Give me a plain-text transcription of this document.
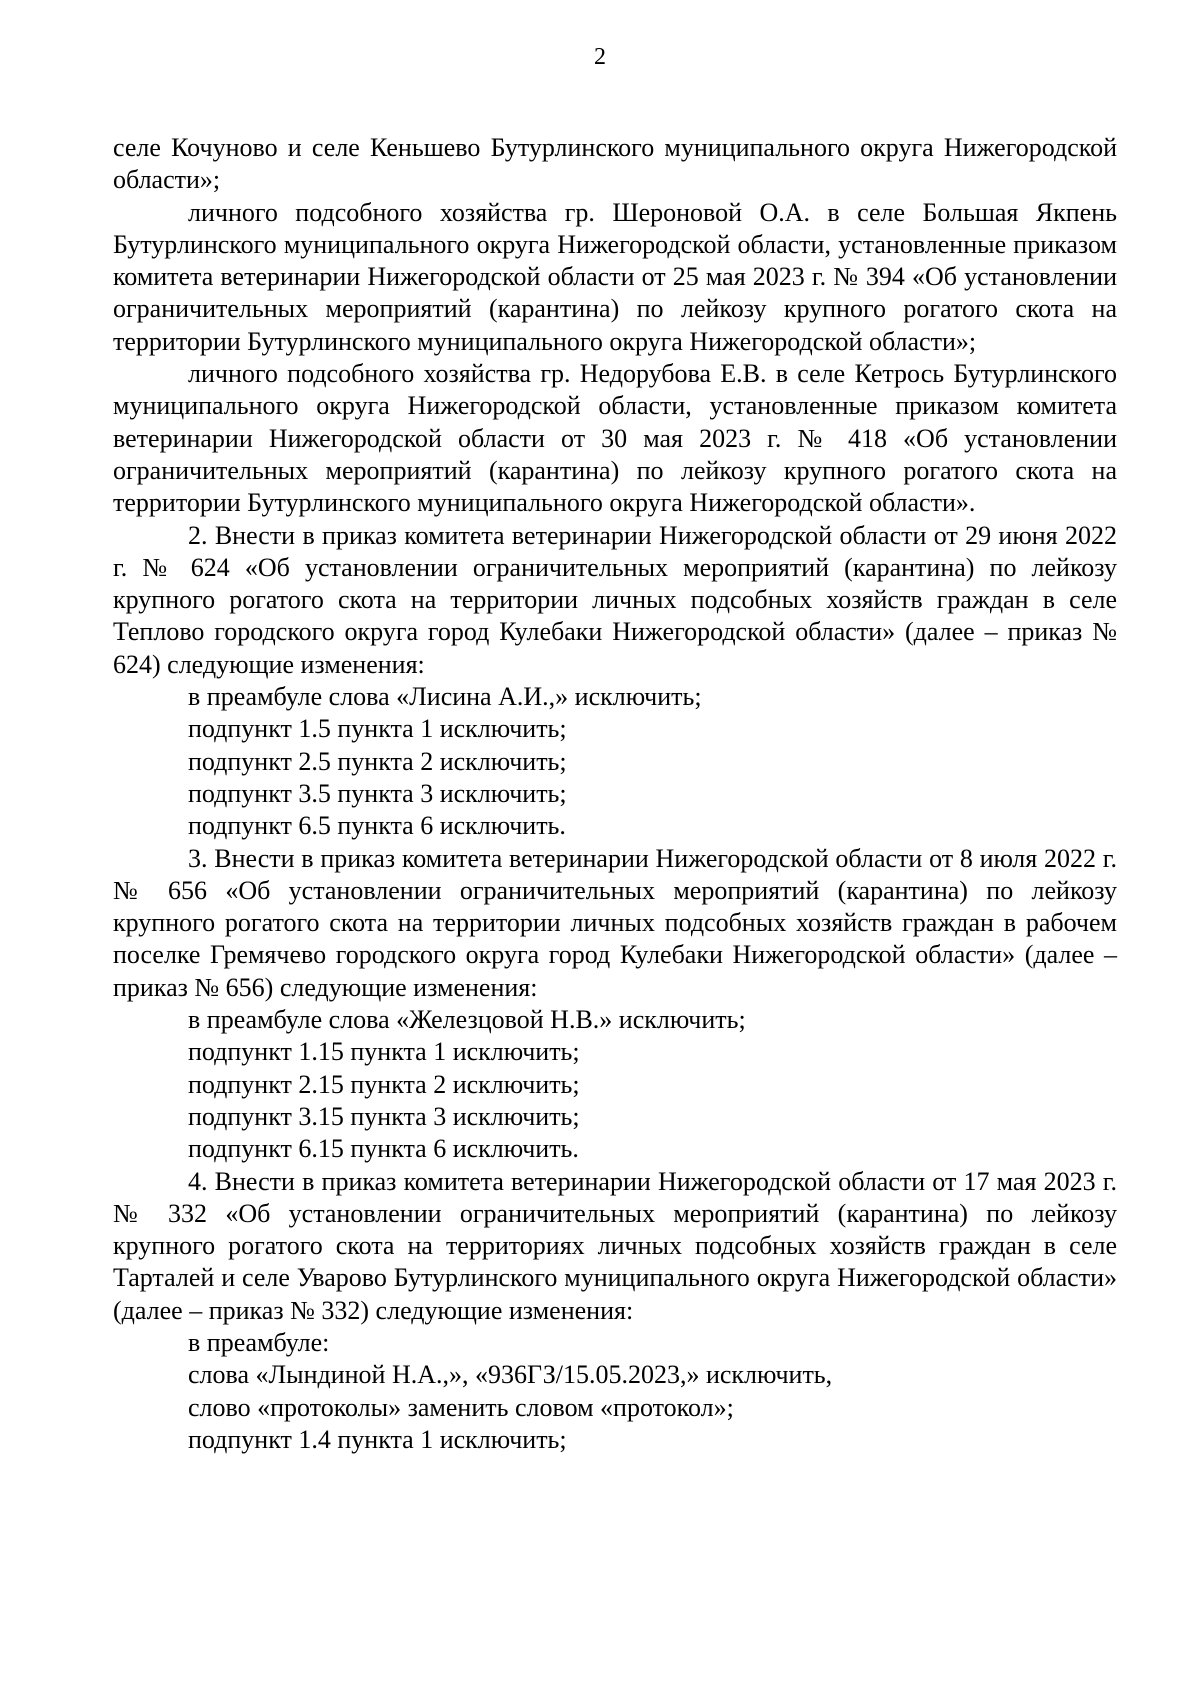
2

селе Кочуново и селе Кеньшево Бутурлинского муниципального округа Нижегородской области»;

личного подсобного хозяйства гр. Шероновой О.А. в селе Большая Якпень Бутурлинского муниципального округа Нижегородской области, установленные приказом комитета ветеринарии Нижегородской области от 25 мая 2023 г. № 394 «Об установлении ограничительных мероприятий (карантина) по лейкозу крупного рогатого скота на территории Бутурлинского муниципального округа Нижегородской области»;

личного подсобного хозяйства гр. Недорубова Е.В. в селе Кетрось Бутурлинского муниципального округа Нижегородской области, установленные приказом комитета ветеринарии Нижегородской области от 30 мая 2023 г. № 418 «Об установлении ограничительных мероприятий (карантина) по лейкозу крупного рогатого скота на территории Бутурлинского муниципального округа Нижегородской области».

2. Внести в приказ комитета ветеринарии Нижегородской области от 29 июня 2022 г. № 624 «Об установлении ограничительных мероприятий (карантина) по лейкозу крупного рогатого скота на территории личных подсобных хозяйств граждан в селе Теплово городского округа город Кулебаки Нижегородской области» (далее – приказ № 624) следующие изменения:

в преамбуле слова «Лисина А.И.,» исключить;

подпункт 1.5 пункта 1 исключить;

подпункт 2.5 пункта 2 исключить;

подпункт 3.5 пункта 3 исключить;

подпункт 6.5 пункта 6 исключить.

3. Внести в приказ комитета ветеринарии Нижегородской области от 8 июля 2022 г. № 656 «Об установлении ограничительных мероприятий (карантина) по лейкозу крупного рогатого скота на территории личных подсобных хозяйств граждан в рабочем поселке Гремячево городского округа город Кулебаки Нижегородской области» (далее – приказ № 656) следующие изменения:

в преамбуле слова «Железцовой Н.В.» исключить;

подпункт 1.15 пункта 1 исключить;

подпункт 2.15 пункта 2 исключить;

подпункт 3.15 пункта 3 исключить;

подпункт 6.15 пункта 6 исключить.

4. Внести в приказ комитета ветеринарии Нижегородской области от 17 мая 2023 г. № 332 «Об установлении ограничительных мероприятий (карантина) по лейкозу крупного рогатого скота на территориях личных подсобных хозяйств граждан в селе Тарталей и селе Уварово Бутурлинского муниципального округа Нижегородской области» (далее – приказ № 332) следующие изменения:

в преамбуле:

слова «Лындиной Н.А.,», «936ГЗ/15.05.2023,» исключить,

слово «протоколы» заменить словом «протокол»;

подпункт 1.4 пункта 1 исключить;
